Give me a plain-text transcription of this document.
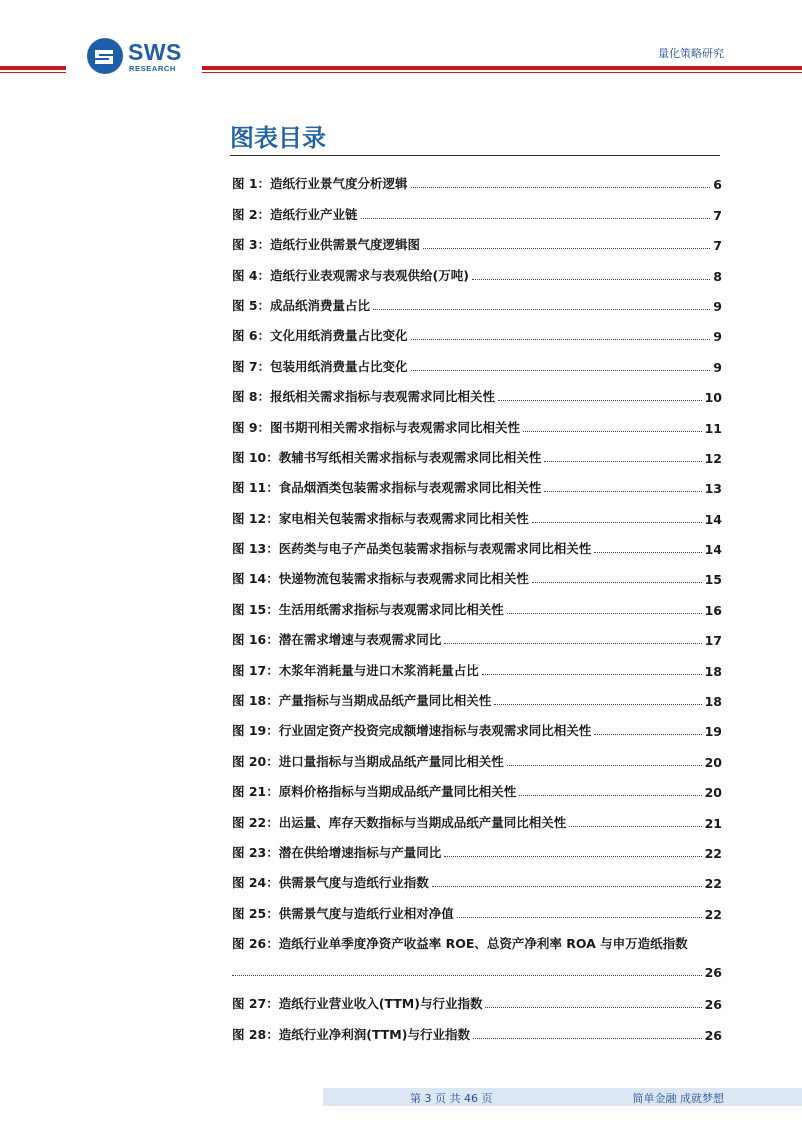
SWS
RESEARCH
量化策略研究
图表目录
图 1：造纸行业景气度分析逻辑	6
图 2：造纸行业产业链	7
图 3：造纸行业供需景气度逻辑图	7
图 4：造纸行业表观需求与表观供给(万吨)	8
图 5：成品纸消费量占比	9
图 6：文化用纸消费量占比变化	9
图 7：包装用纸消费量占比变化	9
图 8：报纸相关需求指标与表观需求同比相关性	10
图 9：图书期刊相关需求指标与表观需求同比相关性	11
图 10：教辅书写纸相关需求指标与表观需求同比相关性	12
图 11：食品烟酒类包装需求指标与表观需求同比相关性	13
图 12：家电相关包装需求指标与表观需求同比相关性	14
图 13：医药类与电子产品类包装需求指标与表观需求同比相关性	14
图 14：快递物流包装需求指标与表观需求同比相关性	15
图 15：生活用纸需求指标与表观需求同比相关性	16
图 16：潜在需求增速与表观需求同比	17
图 17：木浆年消耗量与进口木浆消耗量占比	18
图 18：产量指标与当期成品纸产量同比相关性	18
图 19：行业固定资产投资完成额增速指标与表观需求同比相关性	19
图 20：进口量指标与当期成品纸产量同比相关性	20
图 21：原料价格指标与当期成品纸产量同比相关性	20
图 22：出运量、库存天数指标与当期成品纸产量同比相关性	21
图 23：潜在供给增速指标与产量同比	22
图 24：供需景气度与造纸行业指数	22
图 25：供需景气度与造纸行业相对净值	22
图 26：造纸行业单季度净资产收益率 ROE、总资产净利率 ROA 与申万造纸指数
26
图 27：造纸行业营业收入(TTM)与行业指数	26
图 28：造纸行业净利润(TTM)与行业指数	26
第 3 页 共 46 页	简单金融 成就梦想
